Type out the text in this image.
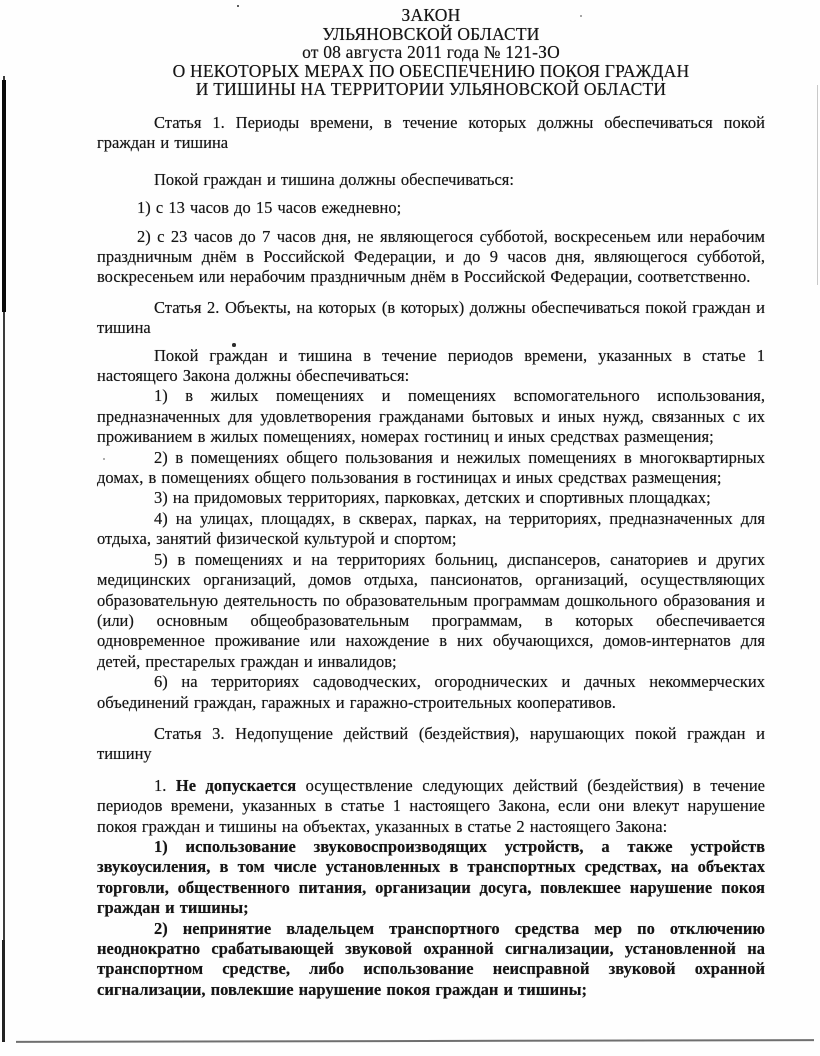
ЗАКОН
УЛЬЯНОВСКОЙ ОБЛАСТИ
от 08 августа 2011 года № 121-ЗО
О НЕКОТОРЫХ МЕРАХ ПО ОБЕСПЕЧЕНИЮ ПОКОЯ ГРАЖДАН
И ТИШИНЫ НА ТЕРРИТОРИИ УЛЬЯНОВСКОЙ ОБЛАСТИ

Статья 1. Периоды времени, в течение которых должны обеспечиваться покой граждан и тишина

Покой граждан и тишина должны обеспечиваться:

1) с 13 часов до 15 часов ежедневно;

2) с 23 часов до 7 часов дня, не являющегося субботой, воскресеньем или нерабочим праздничным днём в Российской Федерации, и до 9 часов дня, являющегося субботой, воскресеньем или нерабочим праздничным днём в Российской Федерации, соответственно.

Статья 2. Объекты, на которых (в которых) должны обеспечиваться покой граждан и тишина

Покой граждан и тишина в течение периодов времени, указанных в статье 1 настоящего Закона должны обеспечиваться:

1) в жилых помещениях и помещениях вспомогательного использования, предназначенных для удовлетворения гражданами бытовых и иных нужд, связанных с их проживанием в жилых помещениях, номерах гостиниц и иных средствах размещения;

2) в помещениях общего пользования и нежилых помещениях в многоквартирных домах, в помещениях общего пользования в гостиницах и иных средствах размещения;

3) на придомовых территориях, парковках, детских и спортивных площадках;

4) на улицах, площадях, в скверах, парках, на территориях, предназначенных для отдыха, занятий физической культурой и спортом;

5) в помещениях и на территориях больниц, диспансеров, санаториев и других медицинских организаций, домов отдыха, пансионатов, организаций, осуществляющих образовательную деятельность по образовательным программам дошкольного образования и (или) основным общеобразовательным программам, в которых обеспечивается одновременное проживание или нахождение в них обучающихся, домов-интернатов для детей, престарелых граждан и инвалидов;

6) на территориях садоводческих, огороднических и дачных некоммерческих объединений граждан, гаражных и гаражно-строительных кооперативов.

Статья 3. Недопущение действий (бездействия), нарушающих покой граждан и тишину

1. Не допускается осуществление следующих действий (бездействия) в течение периодов времени, указанных в статье 1 настоящего Закона, если они влекут нарушение покоя граждан и тишины на объектах, указанных в статье 2 настоящего Закона:

1) использование звуковоспроизводящих устройств, а также устройств звукоусиления, в том числе установленных в транспортных средствах, на объектах торговли, общественного питания, организации досуга, повлекшее нарушение покоя граждан и тишины;

2) непринятие владельцем транспортного средства мер по отключению неоднократно срабатывающей звуковой охранной сигнализации, установленной на транспортном средстве, либо использование неисправной звуковой охранной сигнализации, повлекшие нарушение покоя граждан и тишины;
